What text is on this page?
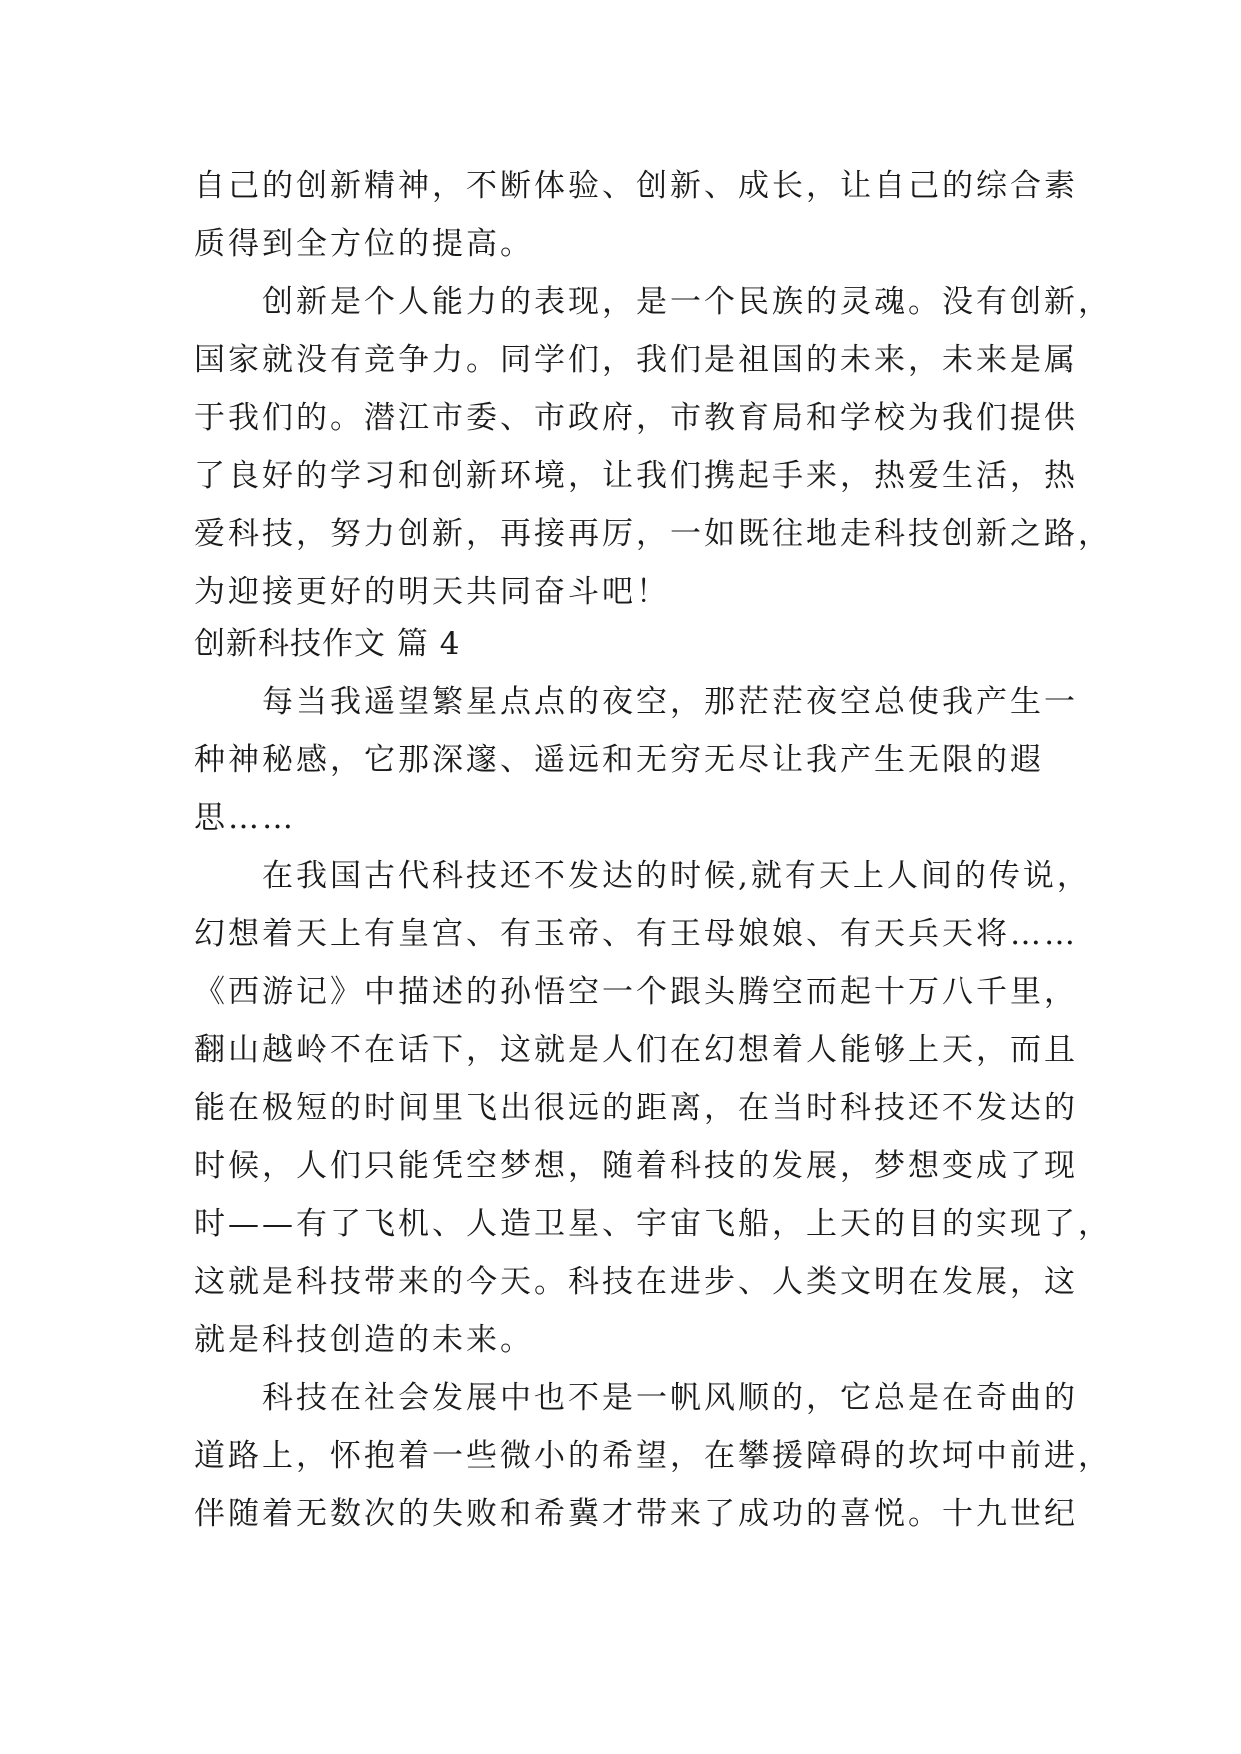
自己的创新精神，不断体验、创新、成长，让自己的综合素
质得到全方位的提高。
　　创新是个人能力的表现，是一个民族的灵魂。没有创新，
国家就没有竞争力。同学们，我们是祖国的未来，未来是属
于我们的。潜江市委、市政府，市教育局和学校为我们提供
了良好的学习和创新环境，让我们携起手来，热爱生活，热
爱科技，努力创新，再接再厉，一如既往地走科技创新之路，
为迎接更好的明天共同奋斗吧！
创新科技作文 篇 4
　　每当我遥望繁星点点的夜空，那茫茫夜空总使我产生一
种神秘感，它那深邃、遥远和无穷无尽让我产生无限的遐
思……
　　在我国古代科技还不发达的时候,就有天上人间的传说，
幻想着天上有皇宫、有玉帝、有王母娘娘、有天兵天将……
《西游记》中描述的孙悟空一个跟头腾空而起十万八千里，
翻山越岭不在话下，这就是人们在幻想着人能够上天，而且
能在极短的时间里飞出很远的距离，在当时科技还不发达的
时候，人们只能凭空梦想，随着科技的发展，梦想变成了现
时——有了飞机、人造卫星、宇宙飞船，上天的目的实现了，
这就是科技带来的今天。科技在进步、人类文明在发展，这
就是科技创造的未来。
　　科技在社会发展中也不是一帆风顺的，它总是在奇曲的
道路上，怀抱着一些微小的希望，在攀援障碍的坎坷中前进，
伴随着无数次的失败和希冀才带来了成功的喜悦。十九世纪
